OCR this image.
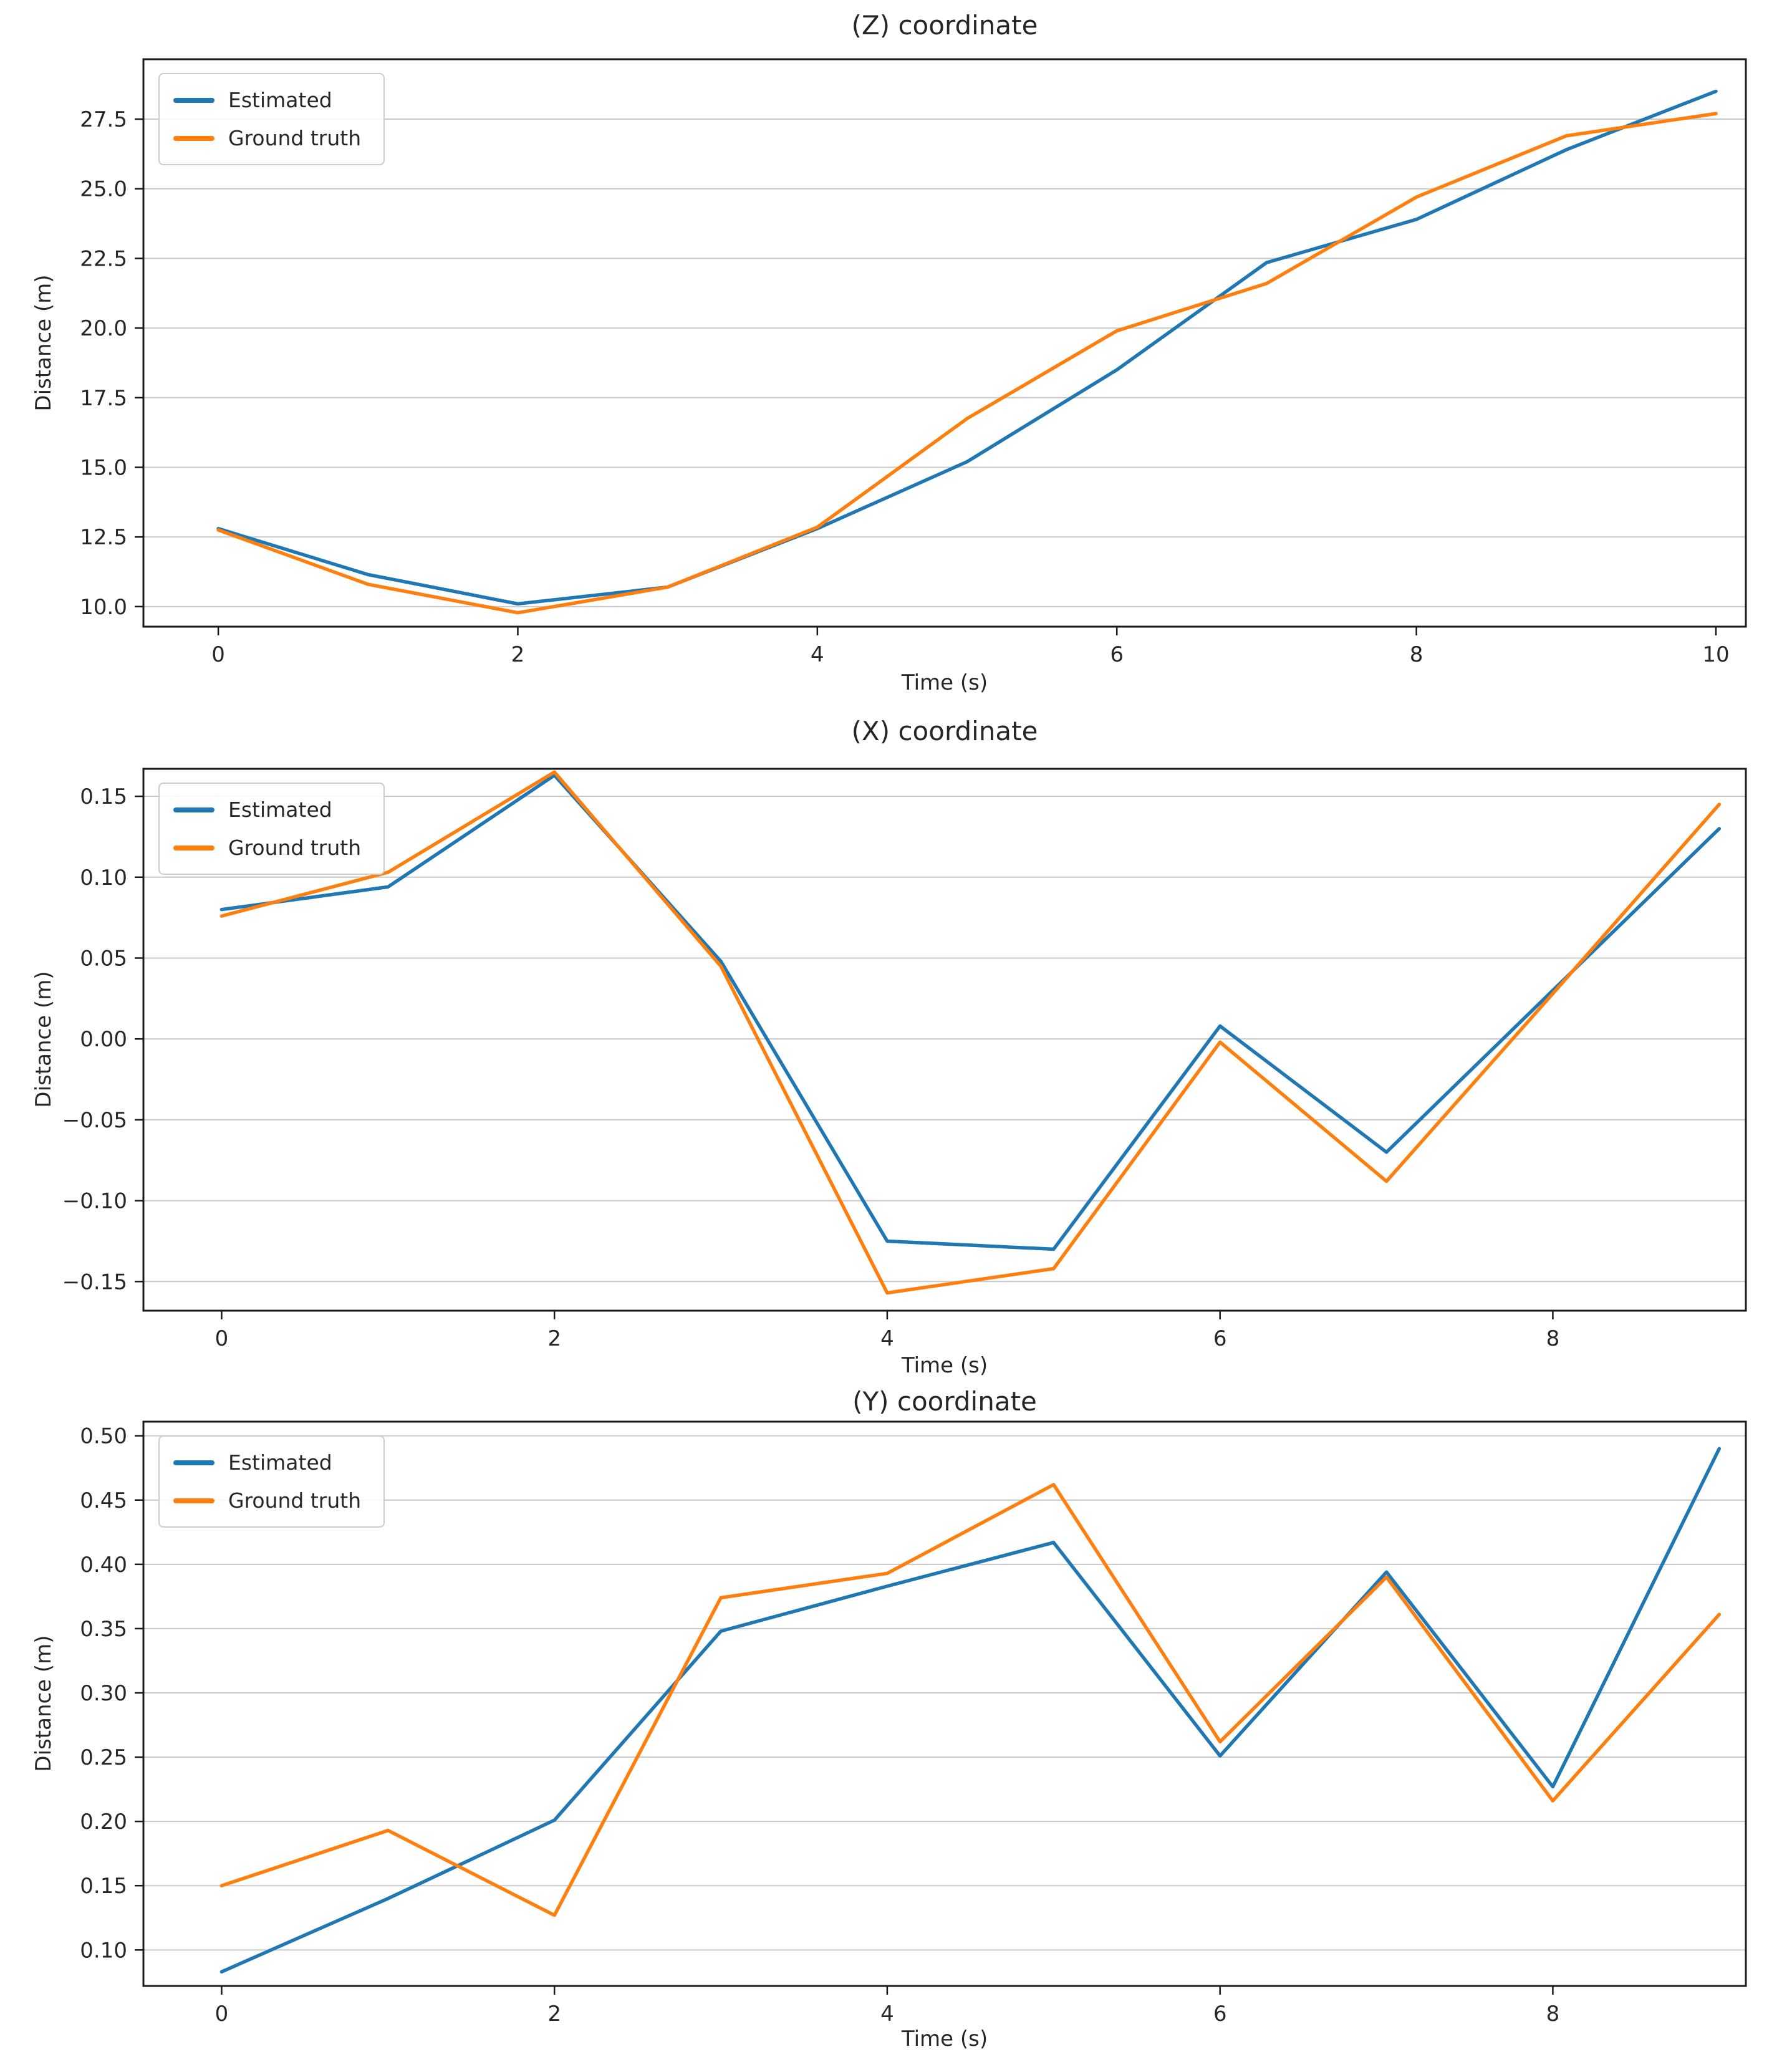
0	2	4	6	8	10
10.0
12.5
15.0
17.5
20.0
22.5
25.0
27.5
(Z) coordinate
Distance (m)
Time (s)
Estimated
Ground truth
0	2	4	6	8
0.15
0.10
0.05
0.00
−0.05
−0.10
−0.15
(X) coordinate
Distance (m)
Time (s)
Estimated
Ground truth
0	2	4	6	8
0.50
0.45
0.40
0.35
0.30
0.25
0.20
0.15
0.10
(Y) coordinate
Distance (m)
Time (s)
Estimated
Ground truth
